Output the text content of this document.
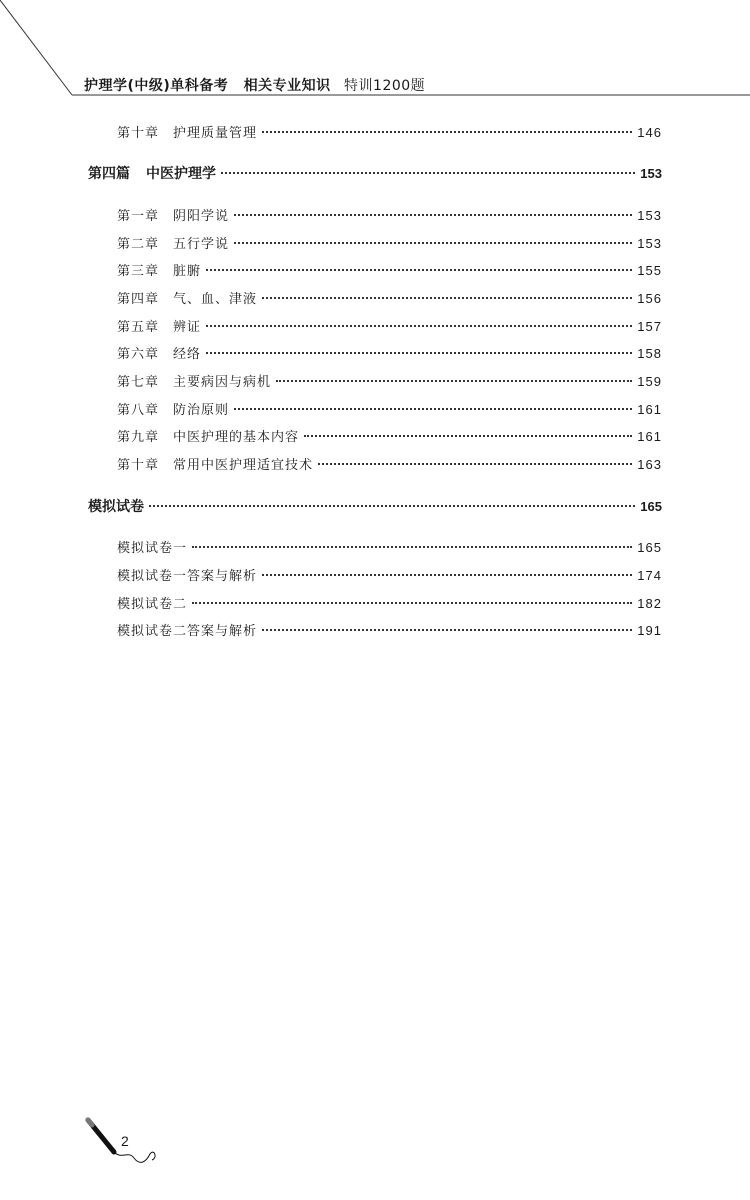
护理学(中级)单科备考 相关专业知识 特训1200题
第十章 护理质量管理	146
第四篇 中医护理学	153
第一章 阴阳学说	153
第二章 五行学说	153
第三章 脏腑	155
第四章 气、血、津液	156
第五章 辨证	157
第六章 经络	158
第七章 主要病因与病机	159
第八章 防治原则	161
第九章 中医护理的基本内容	161
第十章 常用中医护理适宜技术	163
模拟试卷	165
模拟试卷一	165
模拟试卷一答案与解析	174
模拟试卷二	182
模拟试卷二答案与解析	191
2
